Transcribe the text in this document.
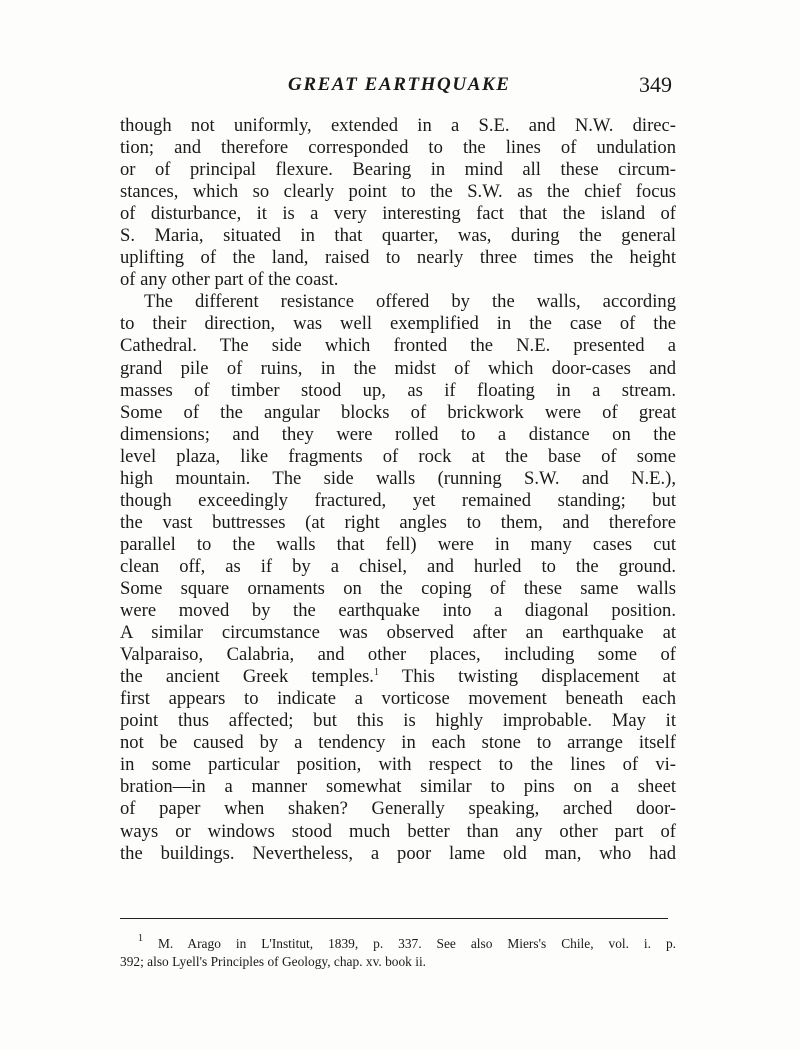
GREAT EARTHQUAKE	349
though not uniformly, extended in a S.E. and N.W. direc-
tion; and therefore corresponded to the lines of undulation
or of principal flexure. Bearing in mind all these circum-
stances, which so clearly point to the S.W. as the chief focus
of disturbance, it is a very interesting fact that the island of
S. Maria, situated in that quarter, was, during the general
uplifting of the land, raised to nearly three times the height
of any other part of the coast.
The different resistance offered by the walls, according
to their direction, was well exemplified in the case of the
Cathedral. The side which fronted the N.E. presented a
grand pile of ruins, in the midst of which door-cases and
masses of timber stood up, as if floating in a stream.
Some of the angular blocks of brickwork were of great
dimensions; and they were rolled to a distance on the
level plaza, like fragments of rock at the base of some
high mountain. The side walls (running S.W. and N.E.),
though exceedingly fractured, yet remained standing; but
the vast buttresses (at right angles to them, and therefore
parallel to the walls that fell) were in many cases cut
clean off, as if by a chisel, and hurled to the ground.
Some square ornaments on the coping of these same walls
were moved by the earthquake into a diagonal position.
A similar circumstance was observed after an earthquake at
Valparaiso, Calabria, and other places, including some of
the ancient Greek temples.$^1$ This twisting displacement at
first appears to indicate a vorticose movement beneath each
point thus affected; but this is highly improbable. May it
not be caused by a tendency in each stone to arrange itself
in some particular position, with respect to the lines of vi-
bration—in a manner somewhat similar to pins on a sheet
of paper when shaken? Generally speaking, arched door-
ways or windows stood much better than any other part of
the buildings. Nevertheless, a poor lame old man, who had
$^1$ M. Arago in L'Institut, 1839, p. 337. See also Miers's Chile, vol. i. p.
392; also Lyell's Principles of Geology, chap. xv. book ii.
